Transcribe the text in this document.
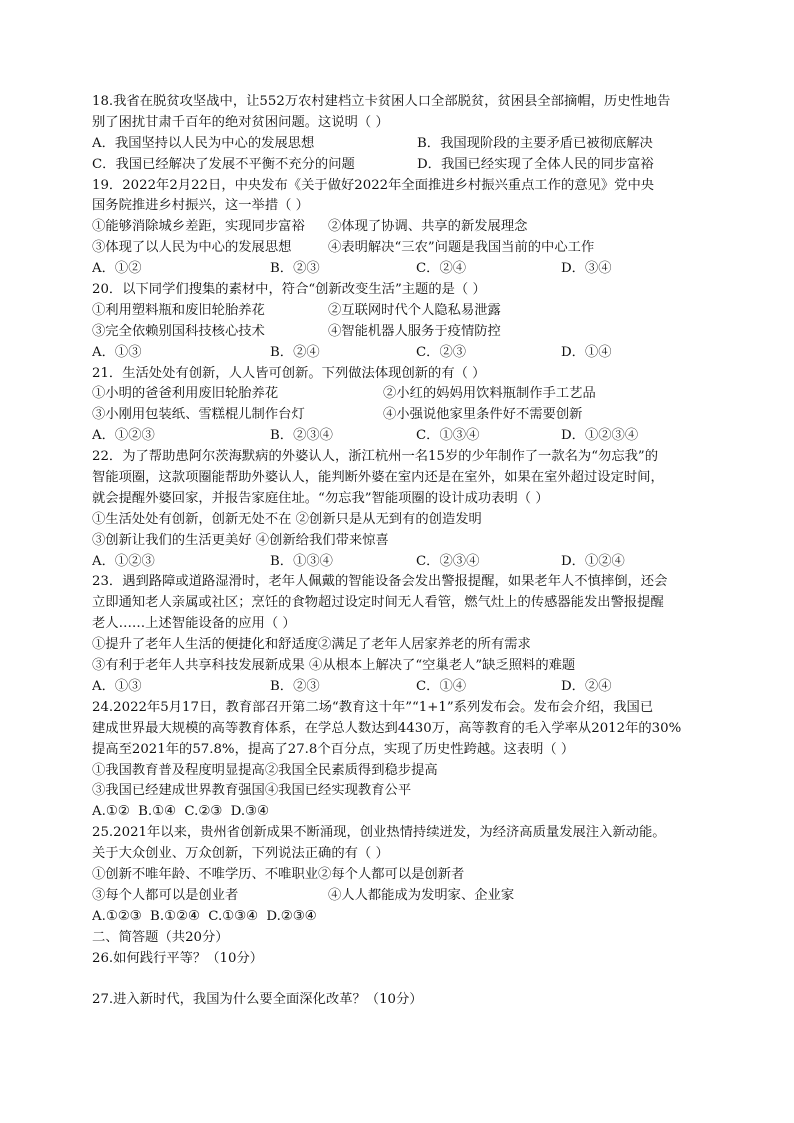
18.我省在脱贫攻坚战中，让552万农村建档立卡贫困人口全部脱贫，贫困县全部摘帽，历史性地告
别了困扰甘肃千百年的绝对贫困问题。这说明（ ）
A．我国坚持以人民为中心的发展思想	B．我国现阶段的主要矛盾已被彻底解决
C．我国已经解决了发展不平衡不充分的问题	D．我国已经实现了全体人民的同步富裕
19．2022年2月22日，中央发布《关于做好2022年全面推进乡村振兴重点工作的意见》党中央
国务院推进乡村振兴，这一举措（ ）
①能够消除城乡差距，实现同步富裕	②体现了协调、共享的新发展理念
③体现了以人民为中心的发展思想	④表明解决“三农”问题是我国当前的中心工作
A．①②	B．②③	C．②④	D．③④
20．以下同学们搜集的素材中，符合“创新改变生活”主题的是（ ）
①利用塑料瓶和废旧轮胎养花	②互联网时代个人隐私易泄露
③完全依赖别国科技核心技术	④智能机器人服务于疫情防控
A．①③	B．②④	C．②③	D．①④
21．生活处处有创新，人人皆可创新。下列做法体现创新的有（ ）
①小明的爸爸利用废旧轮胎养花	②小红的妈妈用饮料瓶制作手工艺品
③小刚用包装纸、雪糕棍儿制作台灯	④小强说他家里条件好不需要创新
A．①②③	B．②③④	C．①③④	D．①②③④
22．为了帮助患阿尔茨海默病的外婆认人，浙江杭州一名15岁的少年制作了一款名为“勿忘我”的
智能项圈，这款项圈能帮助外婆认人，能判断外婆在室内还是在室外，如果在室外超过设定时间，
就会提醒外婆回家，并报告家庭住址。“勿忘我”智能项圈的设计成功表明（ ）
①生活处处有创新，创新无处不在 ②创新只是从无到有的创造发明
③创新让我们的生活更美好 ④创新给我们带来惊喜
A．①②③	B．①③④	C．②③④	D．①②④
23．遇到路障或道路湿滑时，老年人佩戴的智能设备会发出警报提醒，如果老年人不慎摔倒，还会
立即通知老人亲属或社区；烹饪的食物超过设定时间无人看管，燃气灶上的传感器能发出警报提醒
老人……上述智能设备的应用（ ）
①提升了老年人生活的便捷化和舒适度②满足了老年人居家养老的所有需求
③有利于老年人共享科技发展新成果 ④从根本上解决了“空巢老人”缺乏照料的难题
A．①③	B．②③	C．①④	D．②④
24.2022年5月17日，教育部召开第二场“教育这十年”“1+1”系列发布会。发布会介绍，我国已
建成世界最大规模的高等教育体系，在学总人数达到4430万，高等教育的毛入学率从2012年的30%
提高至2021年的57.8%，提高了27.8个百分点，实现了历史性跨越。这表明（ ）
①我国教育普及程度明显提高②我国全民素质得到稳步提高
③我国已经建成世界教育强国④我国已经实现教育公平
A.①②  B.①④  C.②③  D.③④
25.2021年以来，贵州省创新成果不断涌现，创业热情持续迸发，为经济高质量发展注入新动能。
关于大众创业、万众创新，下列说法正确的有（ ）
①创新不唯年龄、不唯学历、不唯职业②每个人都可以是创新者
③每个人都可以是创业者	④人人都能成为发明家、企业家
A.①②③  B.①②④  C.①③④  D.②③④
二、简答题（共20分）
26.如何践行平等？（10分）
27.进入新时代，我国为什么要全面深化改革？（10分）
